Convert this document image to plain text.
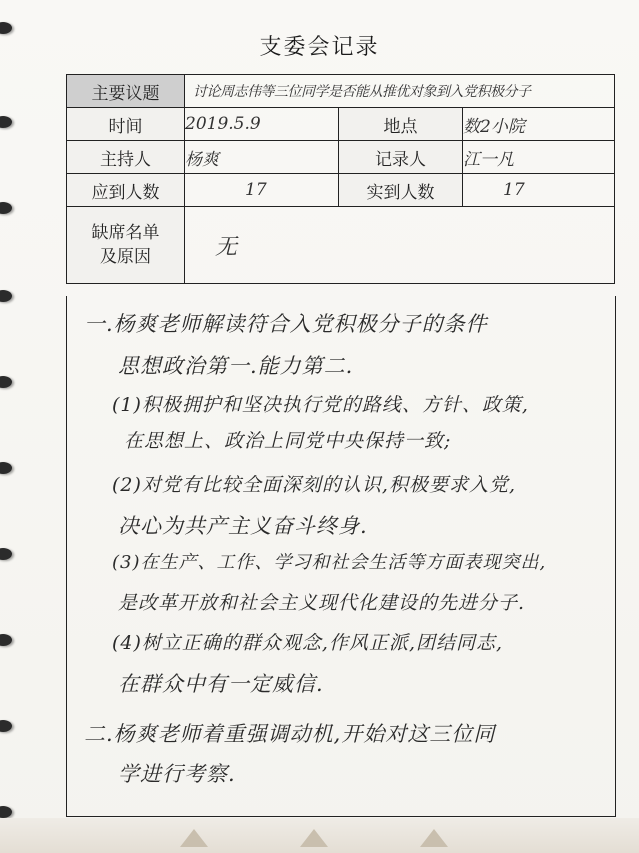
支委会记录
主要议题	讨论周志伟等三位同学是否能从推优对象到入党积极分子		
时间	2019.5.9	地点	数2小院
主持人	杨爽	记录人	江一凡
应到人数	17	实到人数	17

缺席名单
及原因	无		
一.杨爽老师解读符合入党积极分子的条件
思想政治第一.能力第二.
(1)积极拥护和坚决执行党的路线、方针、政策,
在思想上、政治上同党中央保持一致;
(2)对党有比较全面深刻的认识,积极要求入党,
决心为共产主义奋斗终身.
(3)在生产、工作、学习和社会生活等方面表现突出,
是改革开放和社会主义现代化建设的先进分子.
(4)树立正确的群众观念,作风正派,团结同志,
在群众中有一定威信.
二.杨爽老师着重强调动机,开始对这三位同
学进行考察.
